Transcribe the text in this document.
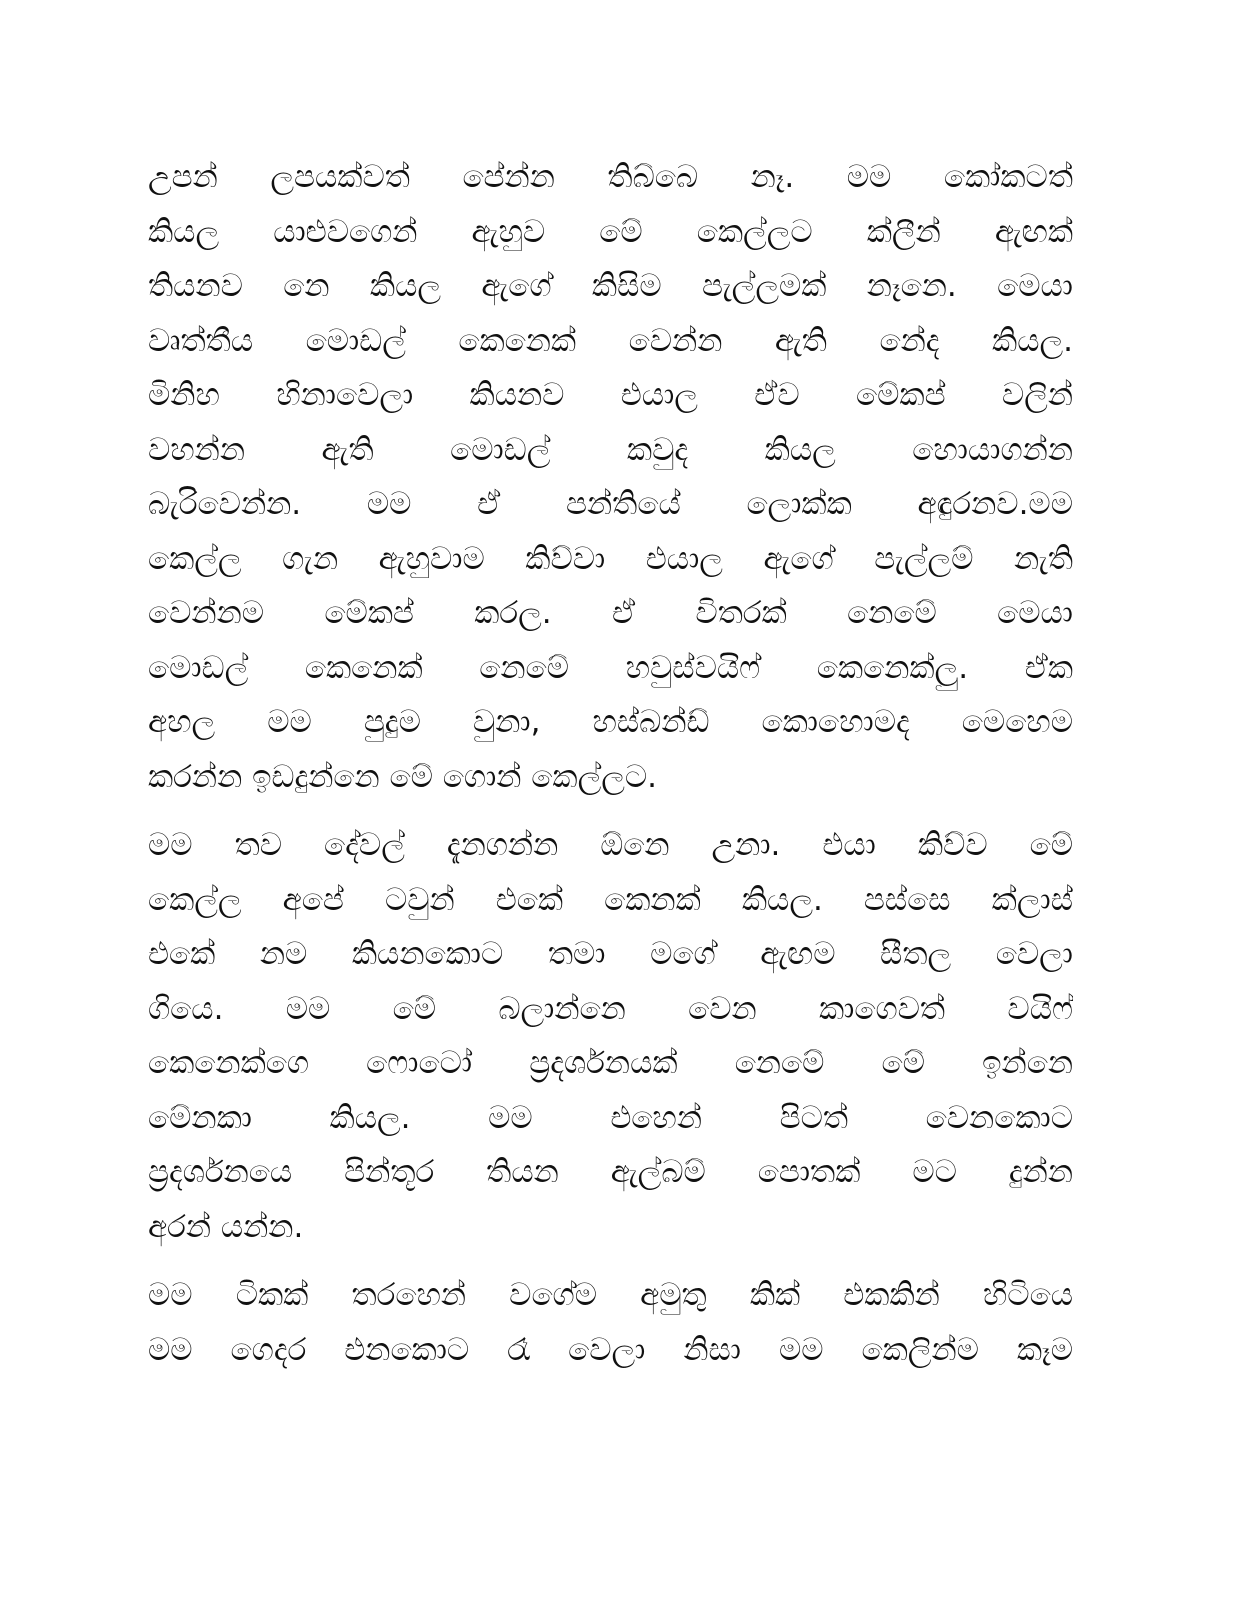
උපන් ලපයක්වත් පේන්න තිබ්බෙ නෑ. මම කෝකටත්
කියල යාළුවගෙන් ඇහුව මේ කෙල්ලට ක්ලීන් ඇඟක්
තියනව නෙ කියල ඇගේ කිසිම පැල්ලමක් නෑනෙ. මෙයා
වෘත්තීය මොඩල් කෙනෙක් වෙන්න ඇති නේද කියල.
මිනිහ හිනාවෙලා කියනව එයාල ඒව මේකප් වලින්
වහන්න ඇති මොඩල් කවුද කියල හොයාගන්න
බැරිවෙන්න. මම ඒ පන්තියේ ලොක්ක අඳුරනව.මම
කෙල්ල ගැන ඇහුවාම කිව්වා එයාල ඇගේ පැල්ලම් නැති
වෙන්නම මේකප් කරල. ඒ විතරක් නෙමේ මෙයා
මොඩල් කෙනෙක් නෙමේ හවුස්වයිෆ් කෙනෙක්ලු. ඒක
අහල මම පුදුම වුනා, හස්බන්ඩ් කොහොමද මෙහෙම
කරන්න ඉඩදුන්නෙ මේ ගොන් කෙල්ලට.

මම තව දේවල් දැනගන්න ඕනෙ උනා. එයා කිව්ව මේ
කෙල්ල අපේ ටවුන් එකේ කෙනක් කියල. පස්සෙ ක්ලාස්
එකේ නම කියනකොට තමා මගේ ඇඟම සීතල වෙලා
ගියෙ. මම මේ බලාන්නෙ වෙන කාගෙවත් වයිෆ්
කෙනෙක්ගෙ ෆොටෝ ප්‍රදර්ශනයක් නෙමේ මේ ඉන්නෙ
මේනකා කියල. මම එහෙන් පිටත් වෙනකොට
ප්‍රදර්ශනයෙ පින්තූර තියන ඇල්බම් පොතක් මට දුන්න
අරන් යන්න.

මම ටිකක් තරහෙන් වගේම අමුතු කික් එකකින් හිටියෙ
මම ගෙදර එනකොට රෑ වෙලා නිසා මම කෙලින්ම කෑම
